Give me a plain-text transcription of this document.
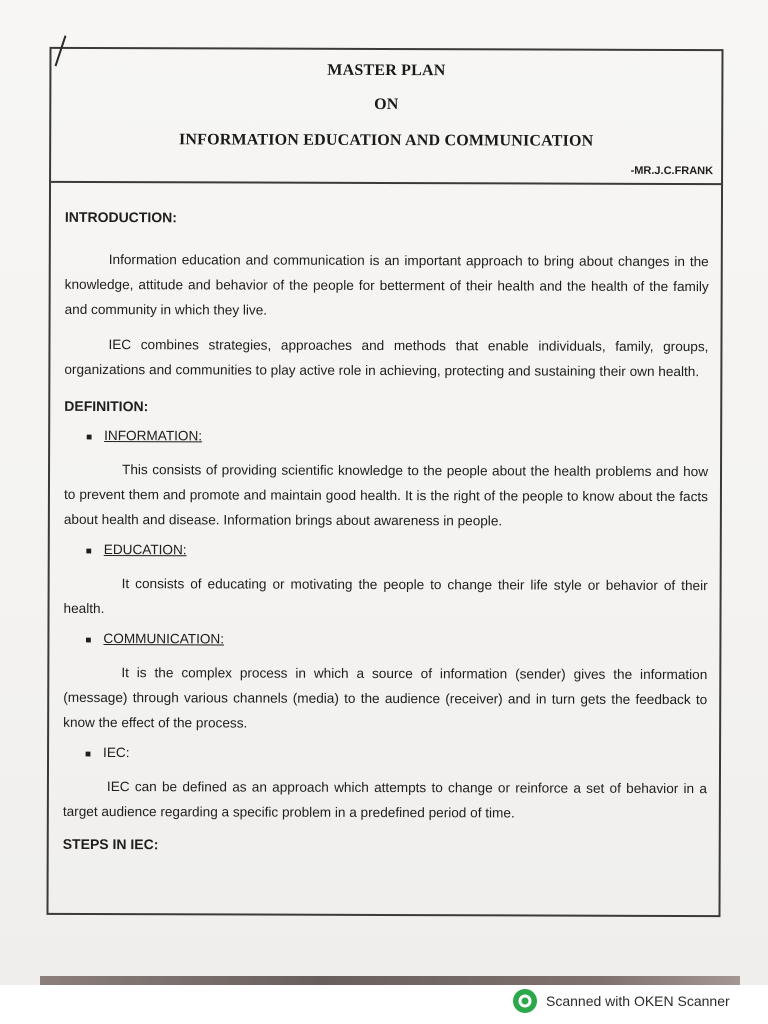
MASTER PLAN
ON
INFORMATION EDUCATION AND COMMUNICATION
-MR.J.C.FRANK
INTRODUCTION:

Information education and communication is an important approach to bring about changes in the knowledge, attitude and behavior of the people for betterment of their health and the health of the family and community in which they live.

IEC combines strategies, approaches and methods that enable individuals, family, groups, organizations and communities to play active role in achieving, protecting and sustaining their own health.

DEFINITION:
■ INFORMATION:

This consists of providing scientific knowledge to the people about the health problems and how to prevent them and promote and maintain good health. It is the right of the people to know about the facts about health and disease. Information brings about awareness in people.

■ EDUCATION:

It consists of educating or motivating the people to change their life style or behavior of their health.

■ COMMUNICATION:

It is the complex process in which a source of information (sender) gives the information (message) through various channels (media) to the audience (receiver) and in turn gets the feedback to know the effect of the process.

■ IEC:

IEC can be defined as an approach which attempts to change or reinforce a set of behavior in a target audience regarding a specific problem in a predefined period of time.

STEPS IN IEC:
Scanned with OKEN Scanner
